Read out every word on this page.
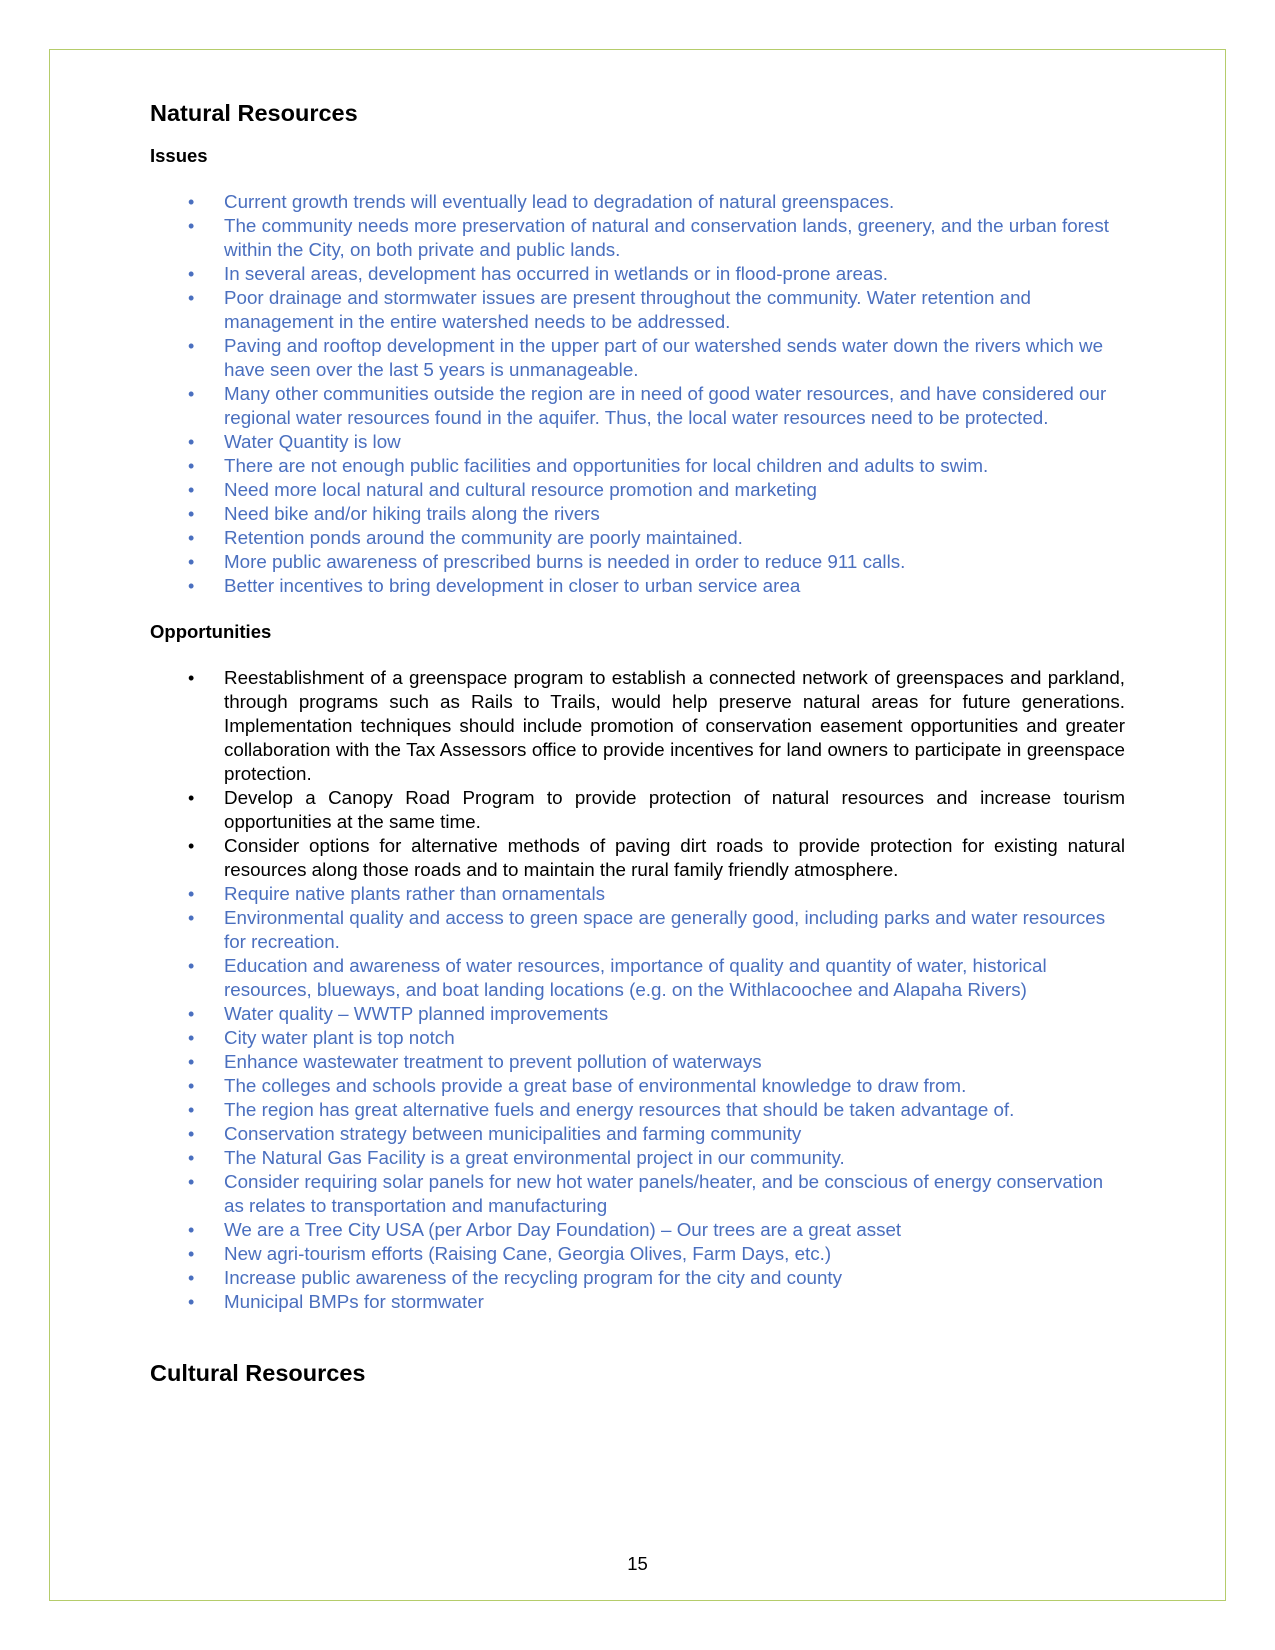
Natural Resources
Issues
• Current growth trends will eventually lead to degradation of natural greenspaces.
• The community needs more preservation of natural and conservation lands, greenery, and the urban forest within the City, on both private and public lands.
• In several areas, development has occurred in wetlands or in flood-prone areas.
• Poor drainage and stormwater issues are present throughout the community. Water retention and management in the entire watershed needs to be addressed.
• Paving and rooftop development in the upper part of our watershed sends water down the rivers which we have seen over the last 5 years is unmanageable.
• Many other communities outside the region are in need of good water resources, and have considered our regional water resources found in the aquifer. Thus, the local water resources need to be protected.
• Water Quantity is low
• There are not enough public facilities and opportunities for local children and adults to swim.
• Need more local natural and cultural resource promotion and marketing
• Need bike and/or hiking trails along the rivers
• Retention ponds around the community are poorly maintained.
• More public awareness of prescribed burns is needed in order to reduce 911 calls.
• Better incentives to bring development in closer to urban service area
Opportunities
• Reestablishment of a greenspace program to establish a connected network of greenspaces and parkland, through programs such as Rails to Trails, would help preserve natural areas for future generations. Implementation techniques should include promotion of conservation easement opportunities and greater collaboration with the Tax Assessors office to provide incentives for land owners to participate in greenspace protection.
• Develop a Canopy Road Program to provide protection of natural resources and increase tourism opportunities at the same time.
• Consider options for alternative methods of paving dirt roads to provide protection for existing natural resources along those roads and to maintain the rural family friendly atmosphere.
• Require native plants rather than ornamentals
• Environmental quality and access to green space are generally good, including parks and water resources for recreation.
• Education and awareness of water resources, importance of quality and quantity of water, historical resources, blueways, and boat landing locations (e.g. on the Withlacoochee and Alapaha Rivers)
• Water quality – WWTP planned improvements
• City water plant is top notch
• Enhance wastewater treatment to prevent pollution of waterways
• The colleges and schools provide a great base of environmental knowledge to draw from.
• The region has great alternative fuels and energy resources that should be taken advantage of.
• Conservation strategy between municipalities and farming community
• The Natural Gas Facility is a great environmental project in our community.
• Consider requiring solar panels for new hot water panels/heater, and be conscious of energy conservation as relates to transportation and manufacturing
• We are a Tree City USA (per Arbor Day Foundation) – Our trees are a great asset
• New agri-tourism efforts (Raising Cane, Georgia Olives, Farm Days, etc.)
• Increase public awareness of the recycling program for the city and county
• Municipal BMPs for stormwater
Cultural Resources
15
